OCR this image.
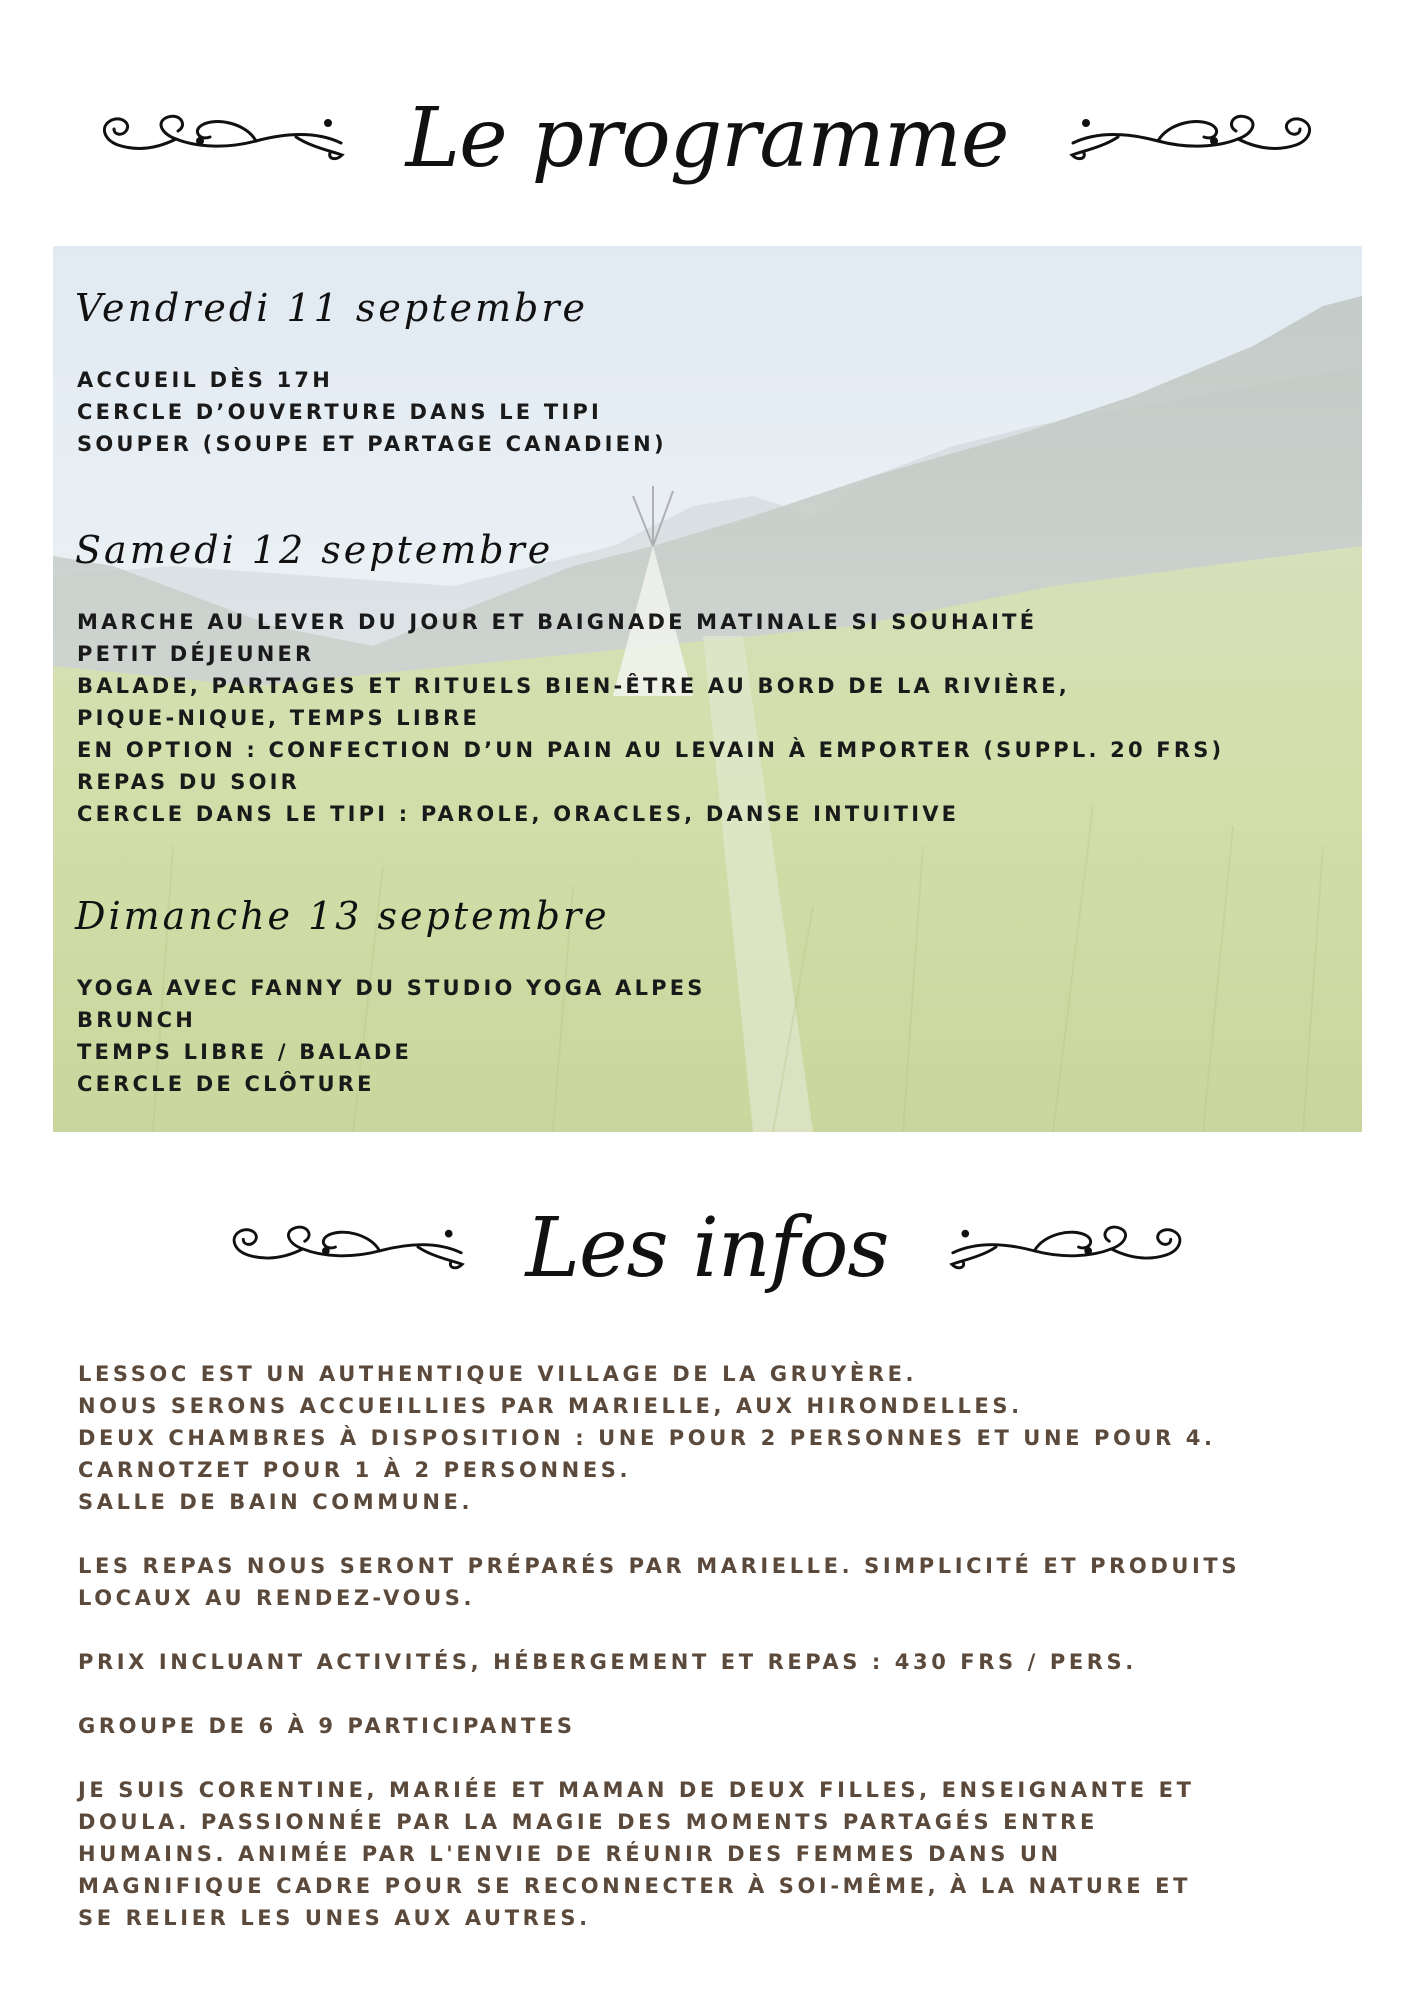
Le programme
Vendredi 11 septembre
ACCUEIL DÈS 17H
CERCLE D’OUVERTURE DANS LE TIPI
SOUPER (SOUPE ET PARTAGE CANADIEN)
Samedi 12 septembre
MARCHE AU LEVER DU JOUR ET BAIGNADE MATINALE SI SOUHAITÉ
PETIT DÉJEUNER
BALADE, PARTAGES ET RITUELS BIEN-ÊTRE AU BORD DE LA RIVIÈRE,
PIQUE-NIQUE, TEMPS LIBRE
EN OPTION : CONFECTION D’UN PAIN AU LEVAIN À EMPORTER (SUPPL. 20 FRS)
REPAS DU SOIR
CERCLE DANS LE TIPI : PAROLE, ORACLES, DANSE INTUITIVE
Dimanche 13 septembre
YOGA AVEC FANNY DU STUDIO YOGA ALPES
BRUNCH
TEMPS LIBRE / BALADE
CERCLE DE CLÔTURE
Les infos

LESSOC EST UN AUTHENTIQUE VILLAGE DE LA GRUYÈRE.
NOUS SERONS ACCUEILLIES PAR MARIELLE, AUX HIRONDELLES.
DEUX CHAMBRES À DISPOSITION : UNE POUR 2 PERSONNES ET UNE POUR 4.
CARNOTZET POUR 1 À 2 PERSONNES.
SALLE DE BAIN COMMUNE.

LES REPAS NOUS SERONT PRÉPARÉS PAR MARIELLE. SIMPLICITÉ ET PRODUITS
LOCAUX AU RENDEZ-VOUS.

PRIX INCLUANT ACTIVITÉS, HÉBERGEMENT ET REPAS : 430 FRS / PERS.

GROUPE DE 6 À 9 PARTICIPANTES

JE SUIS CORENTINE, MARIÉE ET MAMAN DE DEUX FILLES, ENSEIGNANTE ET
DOULA. PASSIONNÉE PAR LA MAGIE DES MOMENTS PARTAGÉS ENTRE
HUMAINS. ANIMÉE PAR L'ENVIE DE RÉUNIR DES FEMMES DANS UN
MAGNIFIQUE CADRE POUR SE RECONNECTER À SOI-MÊME, À LA NATURE ET
SE RELIER LES UNES AUX AUTRES.
